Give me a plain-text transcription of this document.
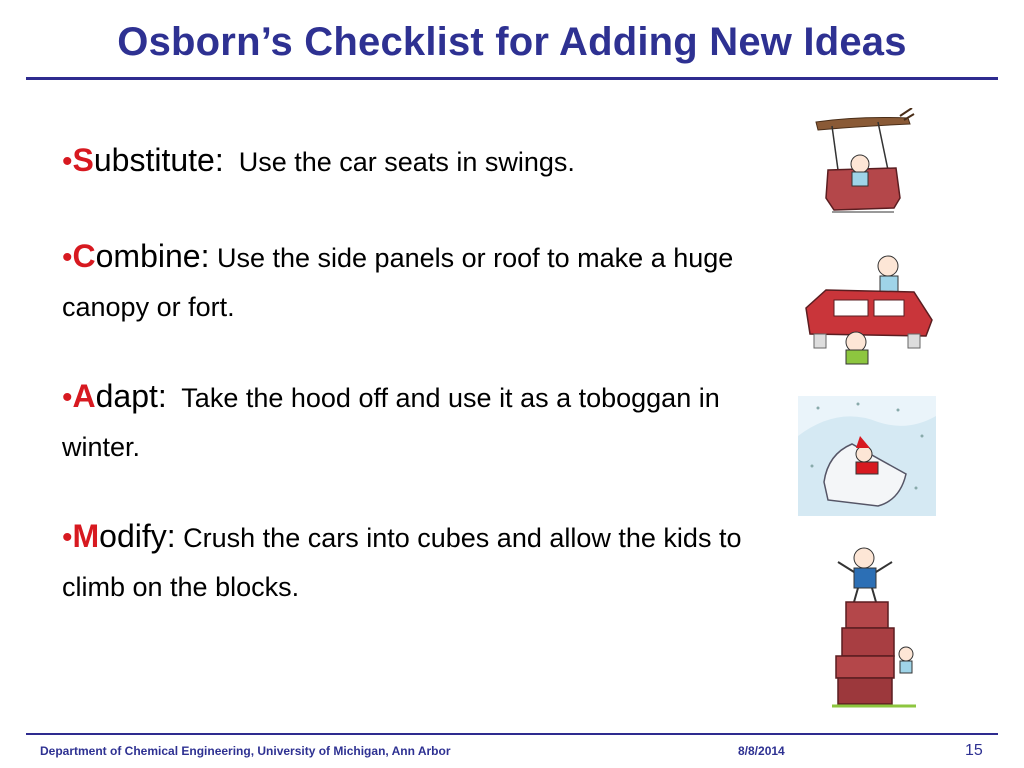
Osborn’s Checklist for Adding New Ideas
•Substitute:  Use the car seats in swings.
•Combine: Use the side panels or roof to make a huge canopy or fort.
•Adapt:  Take the hood off and use it as a toboggan in winter.
•Modify: Crush the cars into cubes and allow the kids to climb on the blocks.
Department of Chemical Engineering, University of Michigan, Ann Arbor	8/8/2014	15
